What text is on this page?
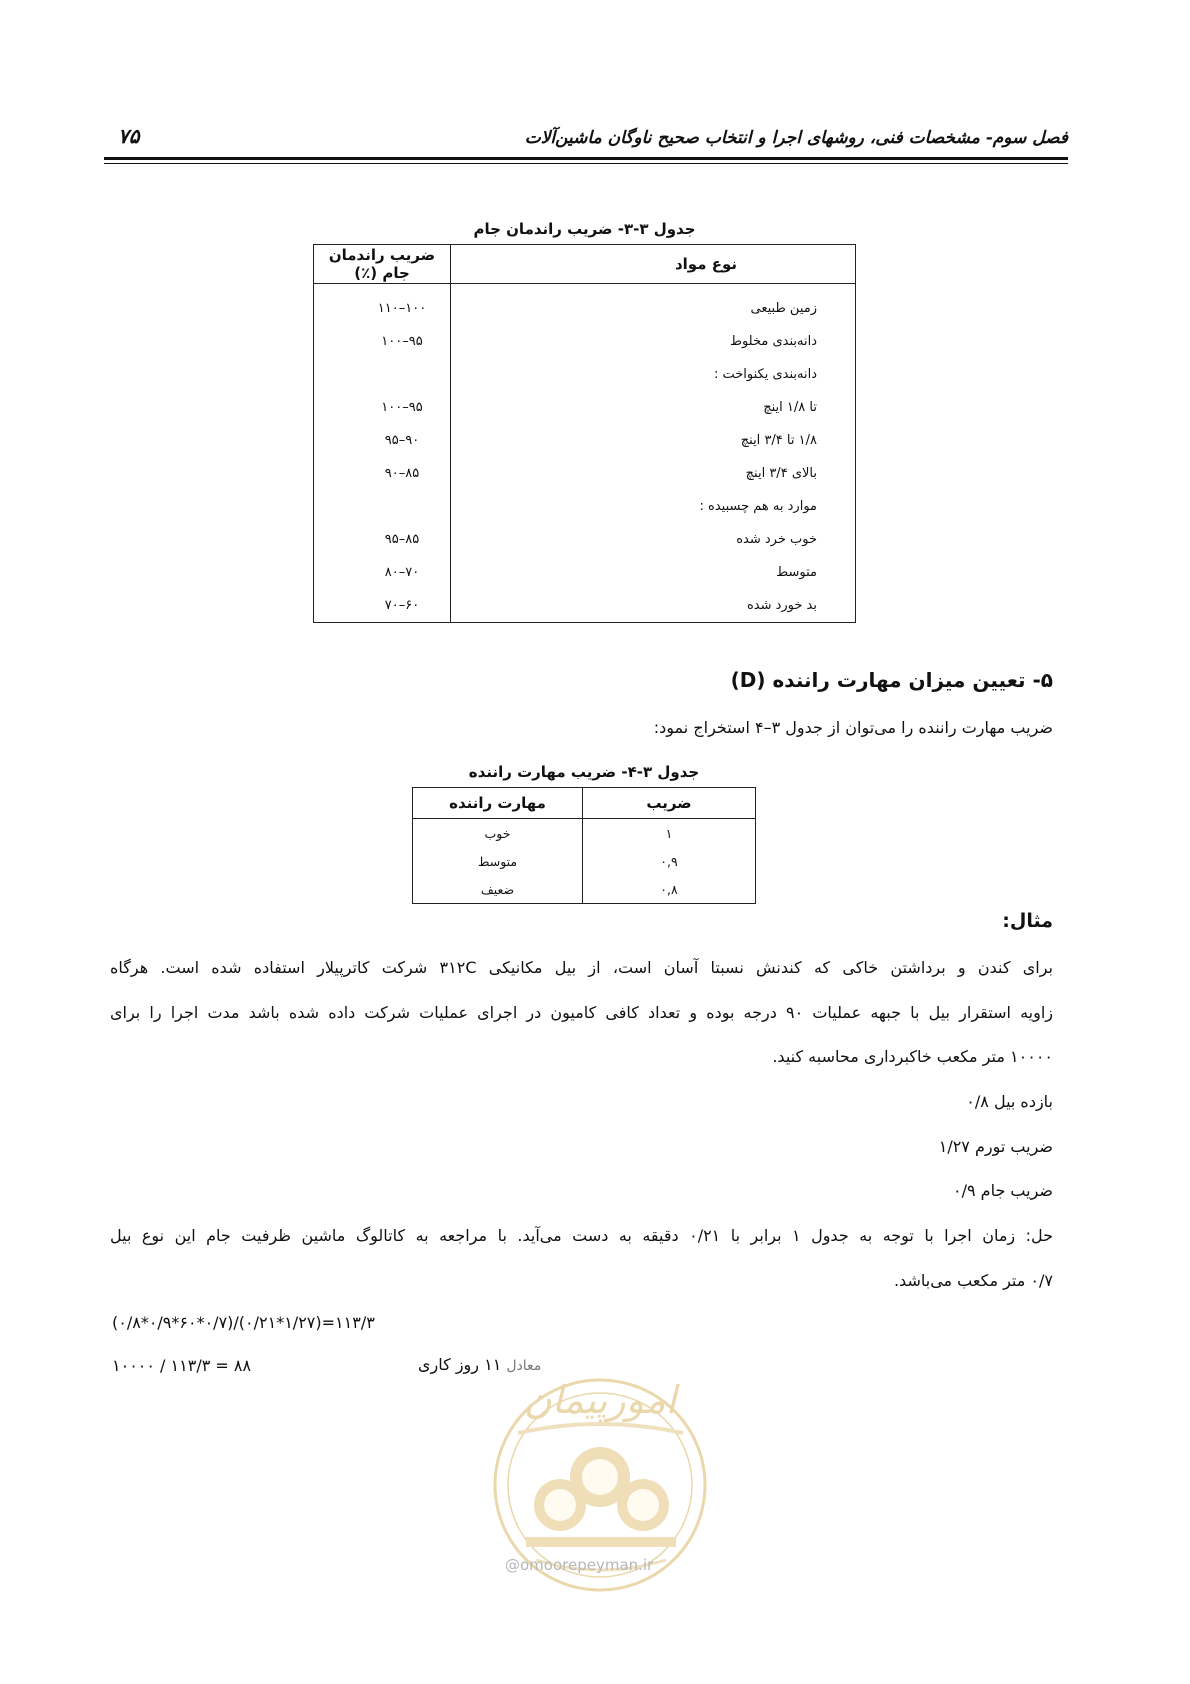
فصل سوم- مشخصات فنی، روشهای اجرا و انتخاب صحیح ناوگان ماشین‌آلات
۷۵
جدول ۳-۳- ضریب راندمان جام
نوع مواد	ضریب راندمان جام (٪)
زمین طبیعی	۱۰۰–۱۱۰
دانه‌بندی مخلوط	۹۵–۱۰۰
دانه‌بندی یکنواخت :	
تا ۱/۸ اینچ	۹۵–۱۰۰
۱/۸ تا ۳/۴ اینچ	۹۰–۹۵
بالای ۳/۴ اینچ	۸۵–۹۰
موارد به هم چسبیده :	
خوب خرد شده	۸۵–۹۵
متوسط	۷۰–۸۰
بد خورد شده	۶۰–۷۰
۵- تعیین میزان مهارت راننده (D)
ضریب مهارت راننده را می‌توان از جدول ۳–۴ استخراج نمود:
جدول ۳-۴- ضریب مهارت راننده
ضریب	مهارت راننده
۱	خوب
۰,۹	متوسط
۰,۸	ضعیف
مثال:
برای کندن و برداشتن خاکی که کندنش نسبتا آسان است، از بیل مکانیکی ۳۱۲C شرکت کاترپیلار استفاده شده است. هرگاه
زاویه استقرار بیل با جبهه عملیات ۹۰ درجه بوده و تعداد کافی کامیون در اجرای عملیات شرکت داده شده باشد مدت اجرا را برای
۱۰۰۰۰ متر مکعب خاکبرداری محاسبه کنید.
بازده بیل ۰/۸
ضریب تورم ۱/۲۷
ضریب جام ۰/۹
حل: زمان اجرا با توجه به جدول ۱ برابر با ۰/۲۱ دقیقه به دست می‌آید. با مراجعه به کاتالوگ ماشین ظرفیت جام این نوع بیل
۰/۷ متر مکعب می‌باشد.
(۰/۸*۰/۹*۶۰*۰/۷)/(۰/۲۱*۱/۲۷)=۱۱۳/۳
۱۰۰۰۰ / ۱۱۳/۳ = ۸۸	معادل ۱۱ روز کاری
امورپیمان
@omoorepeyman.ir
